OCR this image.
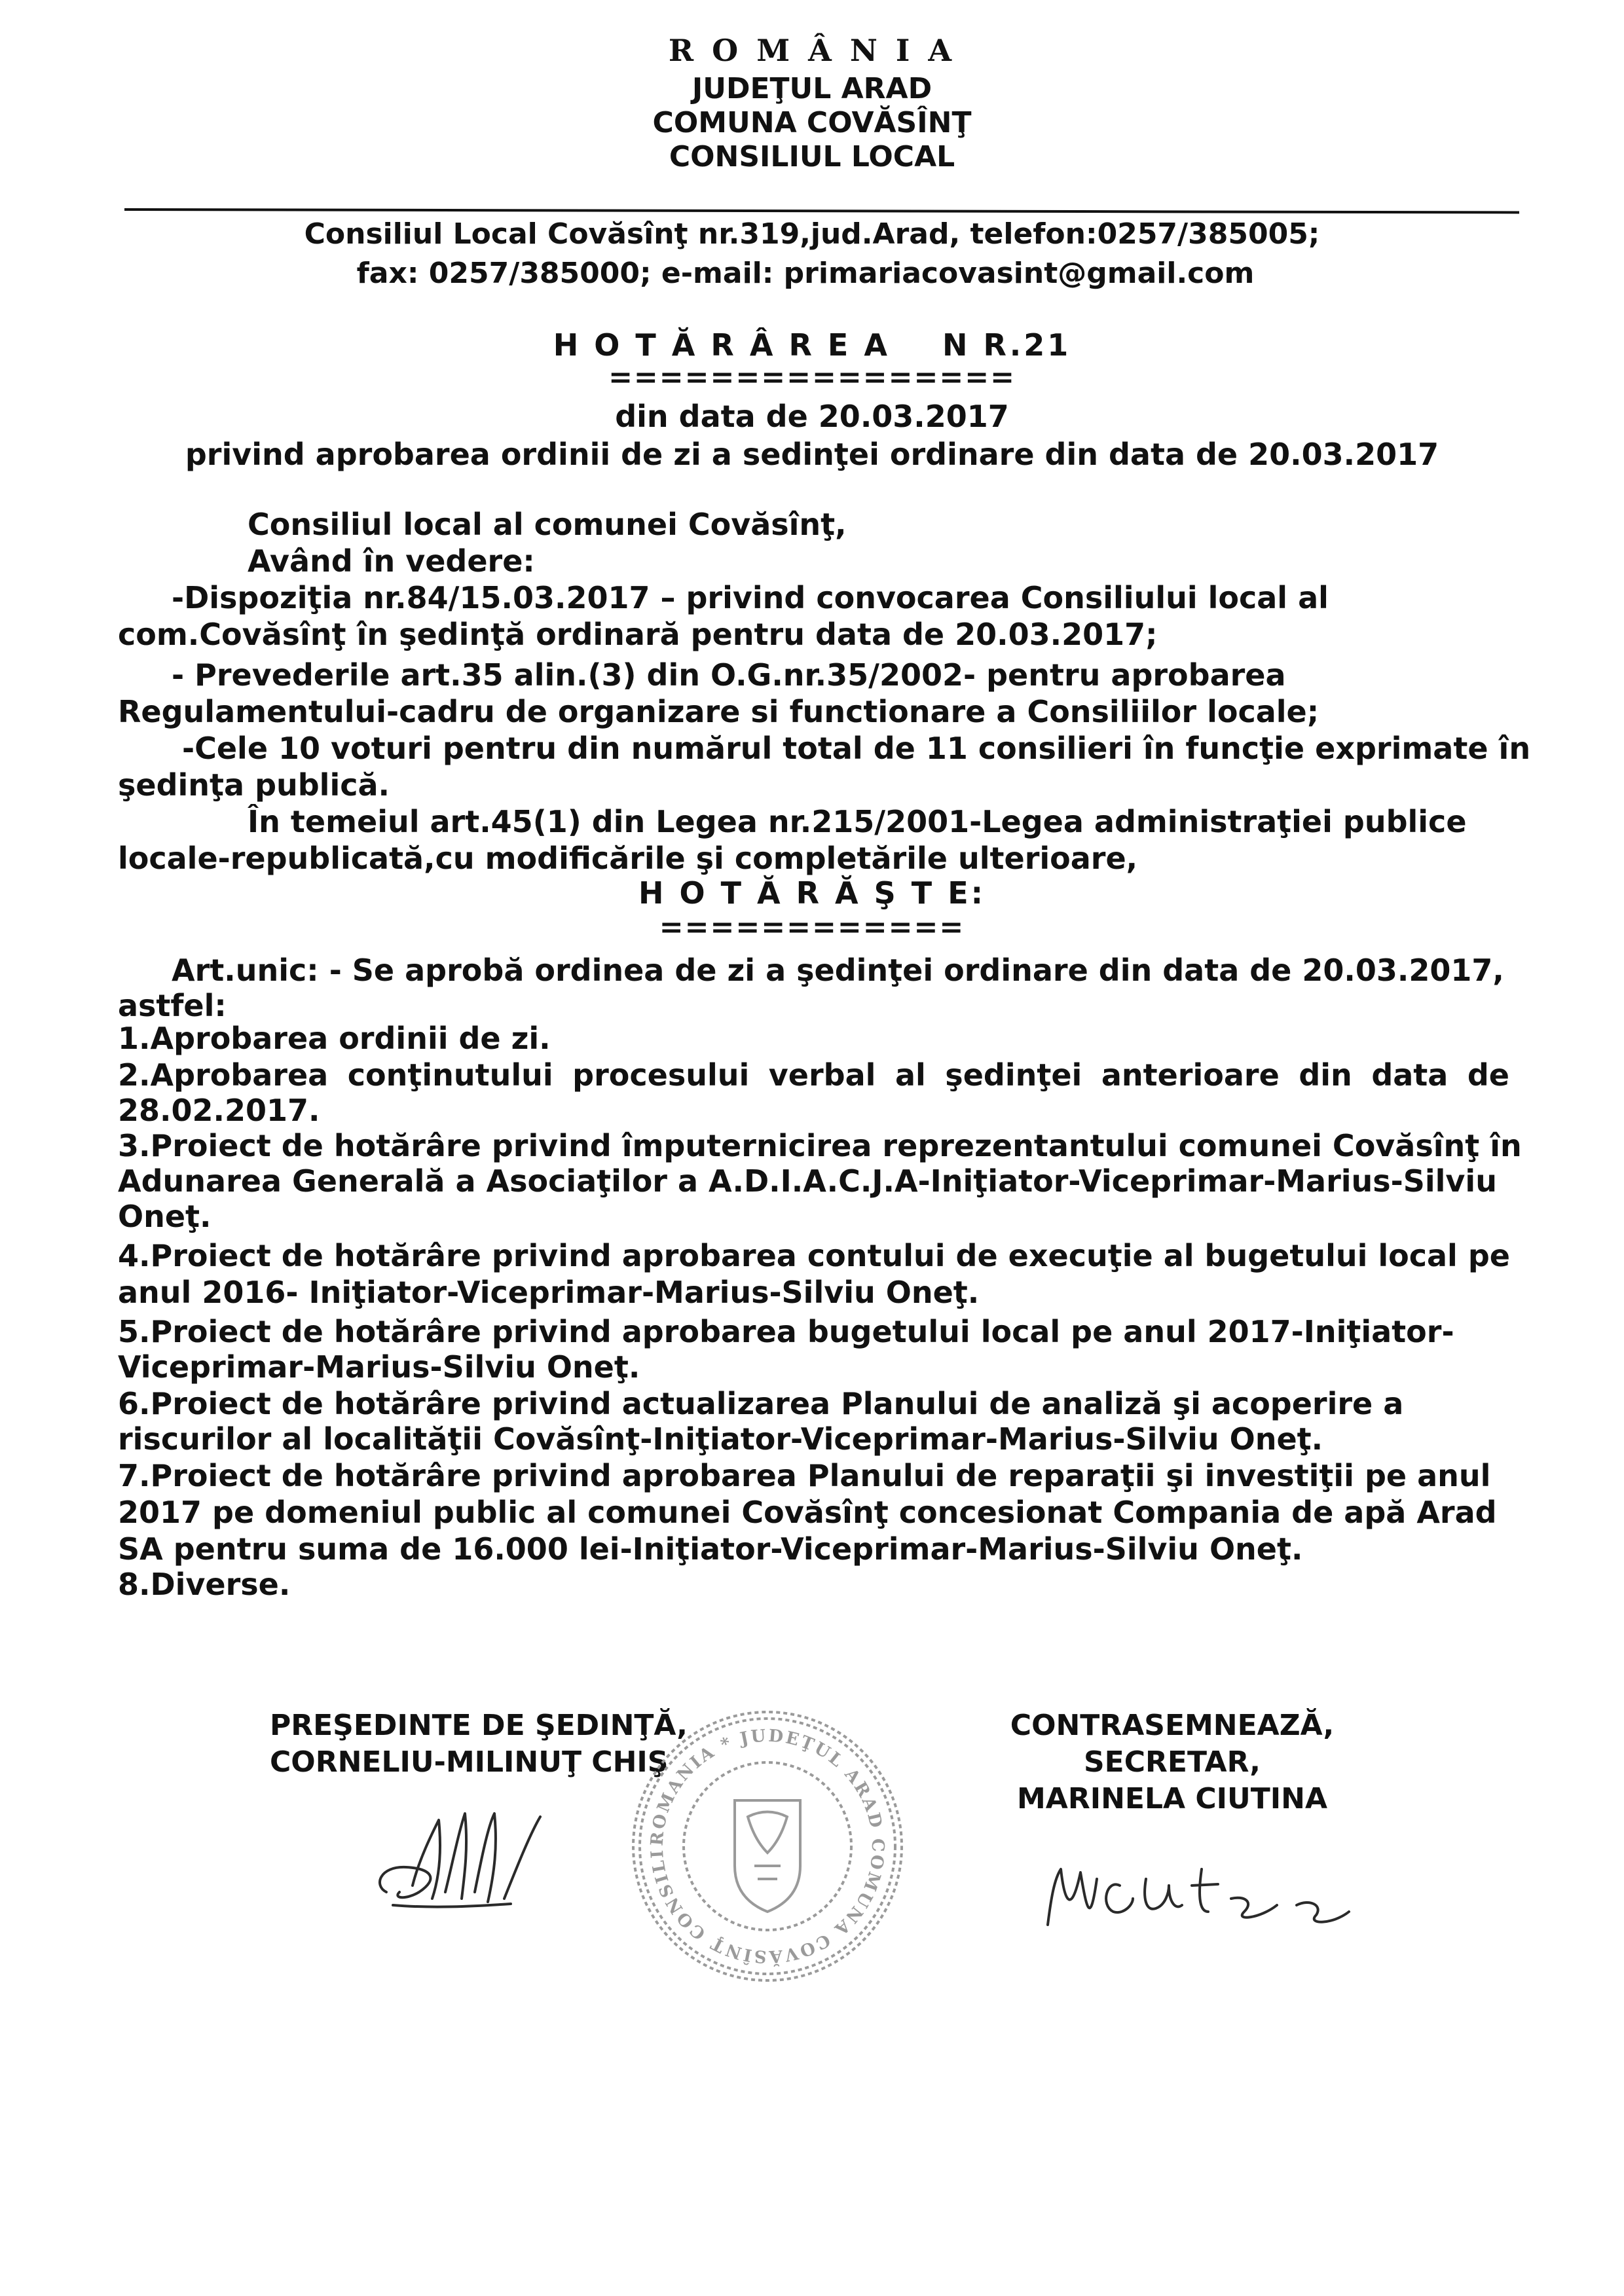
R O M Â N I A
JUDEŢUL ARAD
COMUNA COVĂSÎNŢ
CONSILIUL LOCAL
Consiliul Local Covăsînţ nr.319,jud.Arad, telefon:0257/385005;
fax: 0257/385000; e-mail: primariacovasint@gmail.com
H O T Ă R Â R E A    N R.21
================
din data de 20.03.2017
privind aprobarea ordinii de zi a sedinţei ordinare din data de 20.03.2017
Consiliul local al comunei Covăsînţ,
Având în vedere:
-Dispoziţia nr.84/15.03.2017 – privind convocarea Consiliului local al
com.Covăsînţ în şedinţă ordinară pentru data de 20.03.2017;
- Prevederile art.35 alin.(3) din O.G.nr.35/2002- pentru aprobarea
Regulamentului-cadru de organizare si functionare a Consiliilor locale;
-Cele 10 voturi pentru din numărul total de 11 consilieri în funcţie exprimate în
şedinţa publică.
În temeiul art.45(1) din Legea nr.215/2001-Legea administraţiei publice
locale-republicată,cu modificările şi completările ulterioare,
H O T Ă R Ă Ş T E:
============
Art.unic: - Se aprobă ordinea de zi a şedinţei ordinare din data de 20.03.2017,
astfel:
1.Aprobarea ordinii de zi.
2.Aprobarea conţinutului procesului verbal al şedinţei anterioare din data de
28.02.2017.
3.Proiect de hotărâre privind împuternicirea reprezentantului comunei Covăsînţ în
Adunarea Generală a Asociaţilor a A.D.I.A.C.J.A-Iniţiator-Viceprimar-Marius-Silviu
Oneţ.
4.Proiect de hotărâre privind aprobarea contului de execuţie al bugetului local pe
anul 2016- Iniţiator-Viceprimar-Marius-Silviu Oneţ.
5.Proiect de hotărâre privind aprobarea bugetului local pe anul 2017-Iniţiator-
Viceprimar-Marius-Silviu Oneţ.
6.Proiect de hotărâre privind actualizarea Planului de analiză şi acoperire a
riscurilor al localităţii Covăsînţ-Iniţiator-Viceprimar-Marius-Silviu Oneţ.
7.Proiect de hotărâre privind aprobarea Planului de reparaţii şi investiţii pe anul
2017 pe domeniul public al comunei Covăsînţ concesionat Compania de apă Arad
SA pentru suma de 16.000 lei-Iniţiator-Viceprimar-Marius-Silviu Oneţ.
8.Diverse.
PREŞEDINTE DE ŞEDINŢĂ,
CORNELIU-MILINUŢ CHIŞ
CONTRASEMNEAZĂ,
SECRETAR,
MARINELA CIUTINA
ROMANIA * JUDEŢUL ARAD COMUNA COVĂSÎNŢ CONSILIUL LOCAL
